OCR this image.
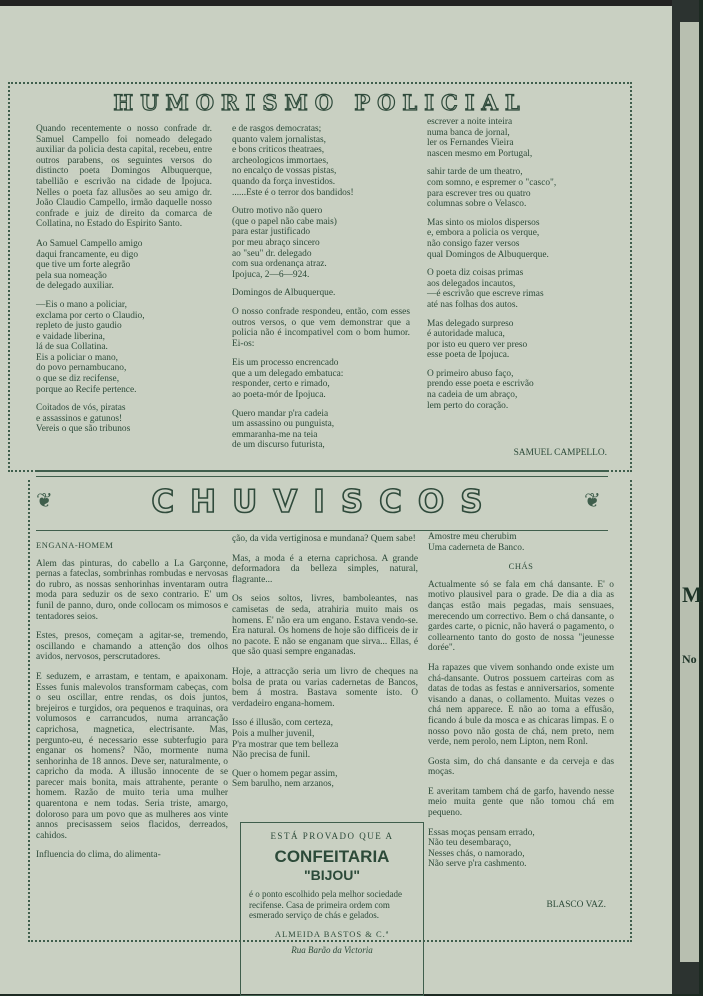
HUMORISMO POLICIAL

Quando recentemente o nosso confrade dr. Samuel Campello foi nomeado delegado auxiliar da policia desta capital, recebeu, entre outros parabens, os seguintes versos do distincto poeta Domingos Albuquerque, tabellião e escrivão na cidade de Ipojuca. Nelles o poeta faz allusões ao seu amigo dr. João Claudio Campello, irmão daquelle nosso confrade e juiz de direito da comarca de Collatina, no Estado do Espirito Santo.

Ao Samuel Campello amigo
daqui francamente, eu digo
que tive um forte alegrão
pela sua nomeação
de delegado auxiliar.
—Eis o mano a policiar,
exclama por certo o Claudio,
repleto de justo gaudio
e vaidade liberina,
lá de sua Collatina.
Eis a policiar o mano,
do povo pernambucano,
o que se diz recifense,
porque ao Recife pertence.
Coitados de vós, piratas
e assassinos e gatunos!
Vereis o que são tribunos
e de rasgos democratas;
quanto valem jornalistas,
e bons criticos theatraes,
archeologicos immortaes,
no encalço de vossas pistas,
quando da força investidos.
......Este é o terror dos bandidos!
Outro motivo não quero
(que o papel não cabe mais)
para estar justificado
por meu abraço sincero
ao "seu" dr. delegado
com sua ordenança atraz.
Ipojuca, 2—6—924.
Domingos de Albuquerque.

O nosso confrade respondeu, então, com esses outros versos, o que vem demonstrar que a policia não é incompativel com o bom humor. Ei-os:

Eis um processo encrencado
que a um delegado embatuca:
responder, certo e rimado,
ao poeta-mór de Ipojuca.
Quero mandar p'ra cadeia
um assassino ou punguista,
emmaranha-me na teia
de um discurso futurista,
escrever a noite inteira
numa banca de jornal,
ler os Fernandes Vieira
nascen mesmo em Portugal,
sahir tarde de um theatro,
com somno, e espremer o "casco",
para escrever tres ou quatro
columnas sobre o Velasco.
Mas sinto os miolos dispersos
e, embora a policia os verque,
não consigo fazer versos
qual Domingos de Albuquerque.
O poeta diz coisas primas
aos delegados incautos,
—é escrivão que escreve rimas
até nas folhas dos autos.
Mas delegado surpreso
é autoridade maluca,
por isto eu quero ver preso
esse poeta de Ipojuca.
O primeiro abuso faço,
prendo esse poeta e escrivão
na cadeia de um abraço,
lem perto do coração.
SAMUEL CAMPELLO.
❦	❦
CHUVISCOS
ENGANA-HOMEM

Alem das pinturas, do cabello a La Garçonne, pernas a fateclas, sombrinhas rombudas e nervosas do rubro, as nossas senhorinhas inventaram outra moda para seduzir os de sexo contrario. E' um funil de panno, duro, onde collocam os mimosos e tentadores seios.

Estes, presos, começam a agitar-se, tremendo, oscillando e chamando a attenção dos olhos avidos, nervosos, perscrutadores.

E seduzem, e arrastam, e tentam, e apaixonam. Esses funis malevolos transformam cabeças, com o seu oscillar, entre rendas, os dois juntos, brejeiros e turgidos, ora pequenos e traquinas, ora volumosos e carrancudos, numa arrancação caprichosa, magnetica, electrisante. Mas, pergunto-eu, é necessario esse subterfugio para enganar os homens? Não, mormente numa senhorinha de 18 annos. Deve ser, naturalmente, o capricho da moda. A illusão innocente de se parecer mais bonita, mais attrahente, perante o homem. Razão de muito teria uma mulher quarentona e nem todas. Seria triste, amargo, doloroso para um povo que as mulheres aos vinte annos precisassem seios flacidos, derreados, cahidos.

Influencia do clima, do alimenta-

ção, da vida vertiginosa e mundana? Quem sabe!

Mas, a moda é a eterna caprichosa. A grande deformadora da belleza simples, natural, flagrante...

Os seios soltos, livres, bamboleantes, nas camisetas de seda, atrahiria muito mais os homens. E' não era um engano. Estava vendo-se. Era natural. Os homens de hoje são difficeis de ir no pacote. E não se enganam que sirva... Ellas, é que são quasi sempre enganadas.

Hoje, a attracção seria um livro de cheques na bolsa de prata ou varias cadernetas de Bancos, bem á mostra. Bastava somente isto. O verdadeiro engana-homem.

Isso é illusão, com certeza,
Pois a mulher juvenil,
P'ra mostrar que tem belleza
Não precisa de funil.
Quer o homem pegar assim,
Sem barulho, nem arzanos,
Amostre meu cherubim
Uma caderneta de Banco.
CHÁS

Actualmente só se fala em chá dansante. E' o motivo plausivel para o grade. De dia a dia as danças estão mais pegadas, mais sensuaes, merecendo um correctivo. Bem o chá dansante, o gardes carte, o picnic, não haverá o pagamento, o collearnento tanto do gosto de nossa "jeunesse dorée".

Ha rapazes que vivem sonhando onde existe um chá-dansante. Outros possuem carteiras com as datas de todas as festas e anniversarios, somente visando a danas, o collamento. Muitas vezes o chá nem apparece. E não ao toma a effusão, ficando á bule da mosca e as chicaras limpas. E o nosso povo não gosta de chá, nem preto, nem verde, nem perolo, nem Lipton, nem Ronl.

Gosta sim, do chá dansante e da cerveja e das moças.

E averitam tambem chá de garfo, havendo nesse meio muita gente que não tomou chá em pequeno.

Essas moças pensam errado,
Não teu desembaraço,
Nesses chás, o namorado,
Não serve p'ra cashmento.
BLASCO VAZ.
ESTÁ PROVADO QUE A
CONFEITARIA
"BIJOU"
é o ponto escolhido pela melhor sociedade recifense. Casa de primeira ordem com esmerado serviço de chás e gelados.
ALMEIDA BASTOS & C.ª
Rua Barão da Victoria
M
No
